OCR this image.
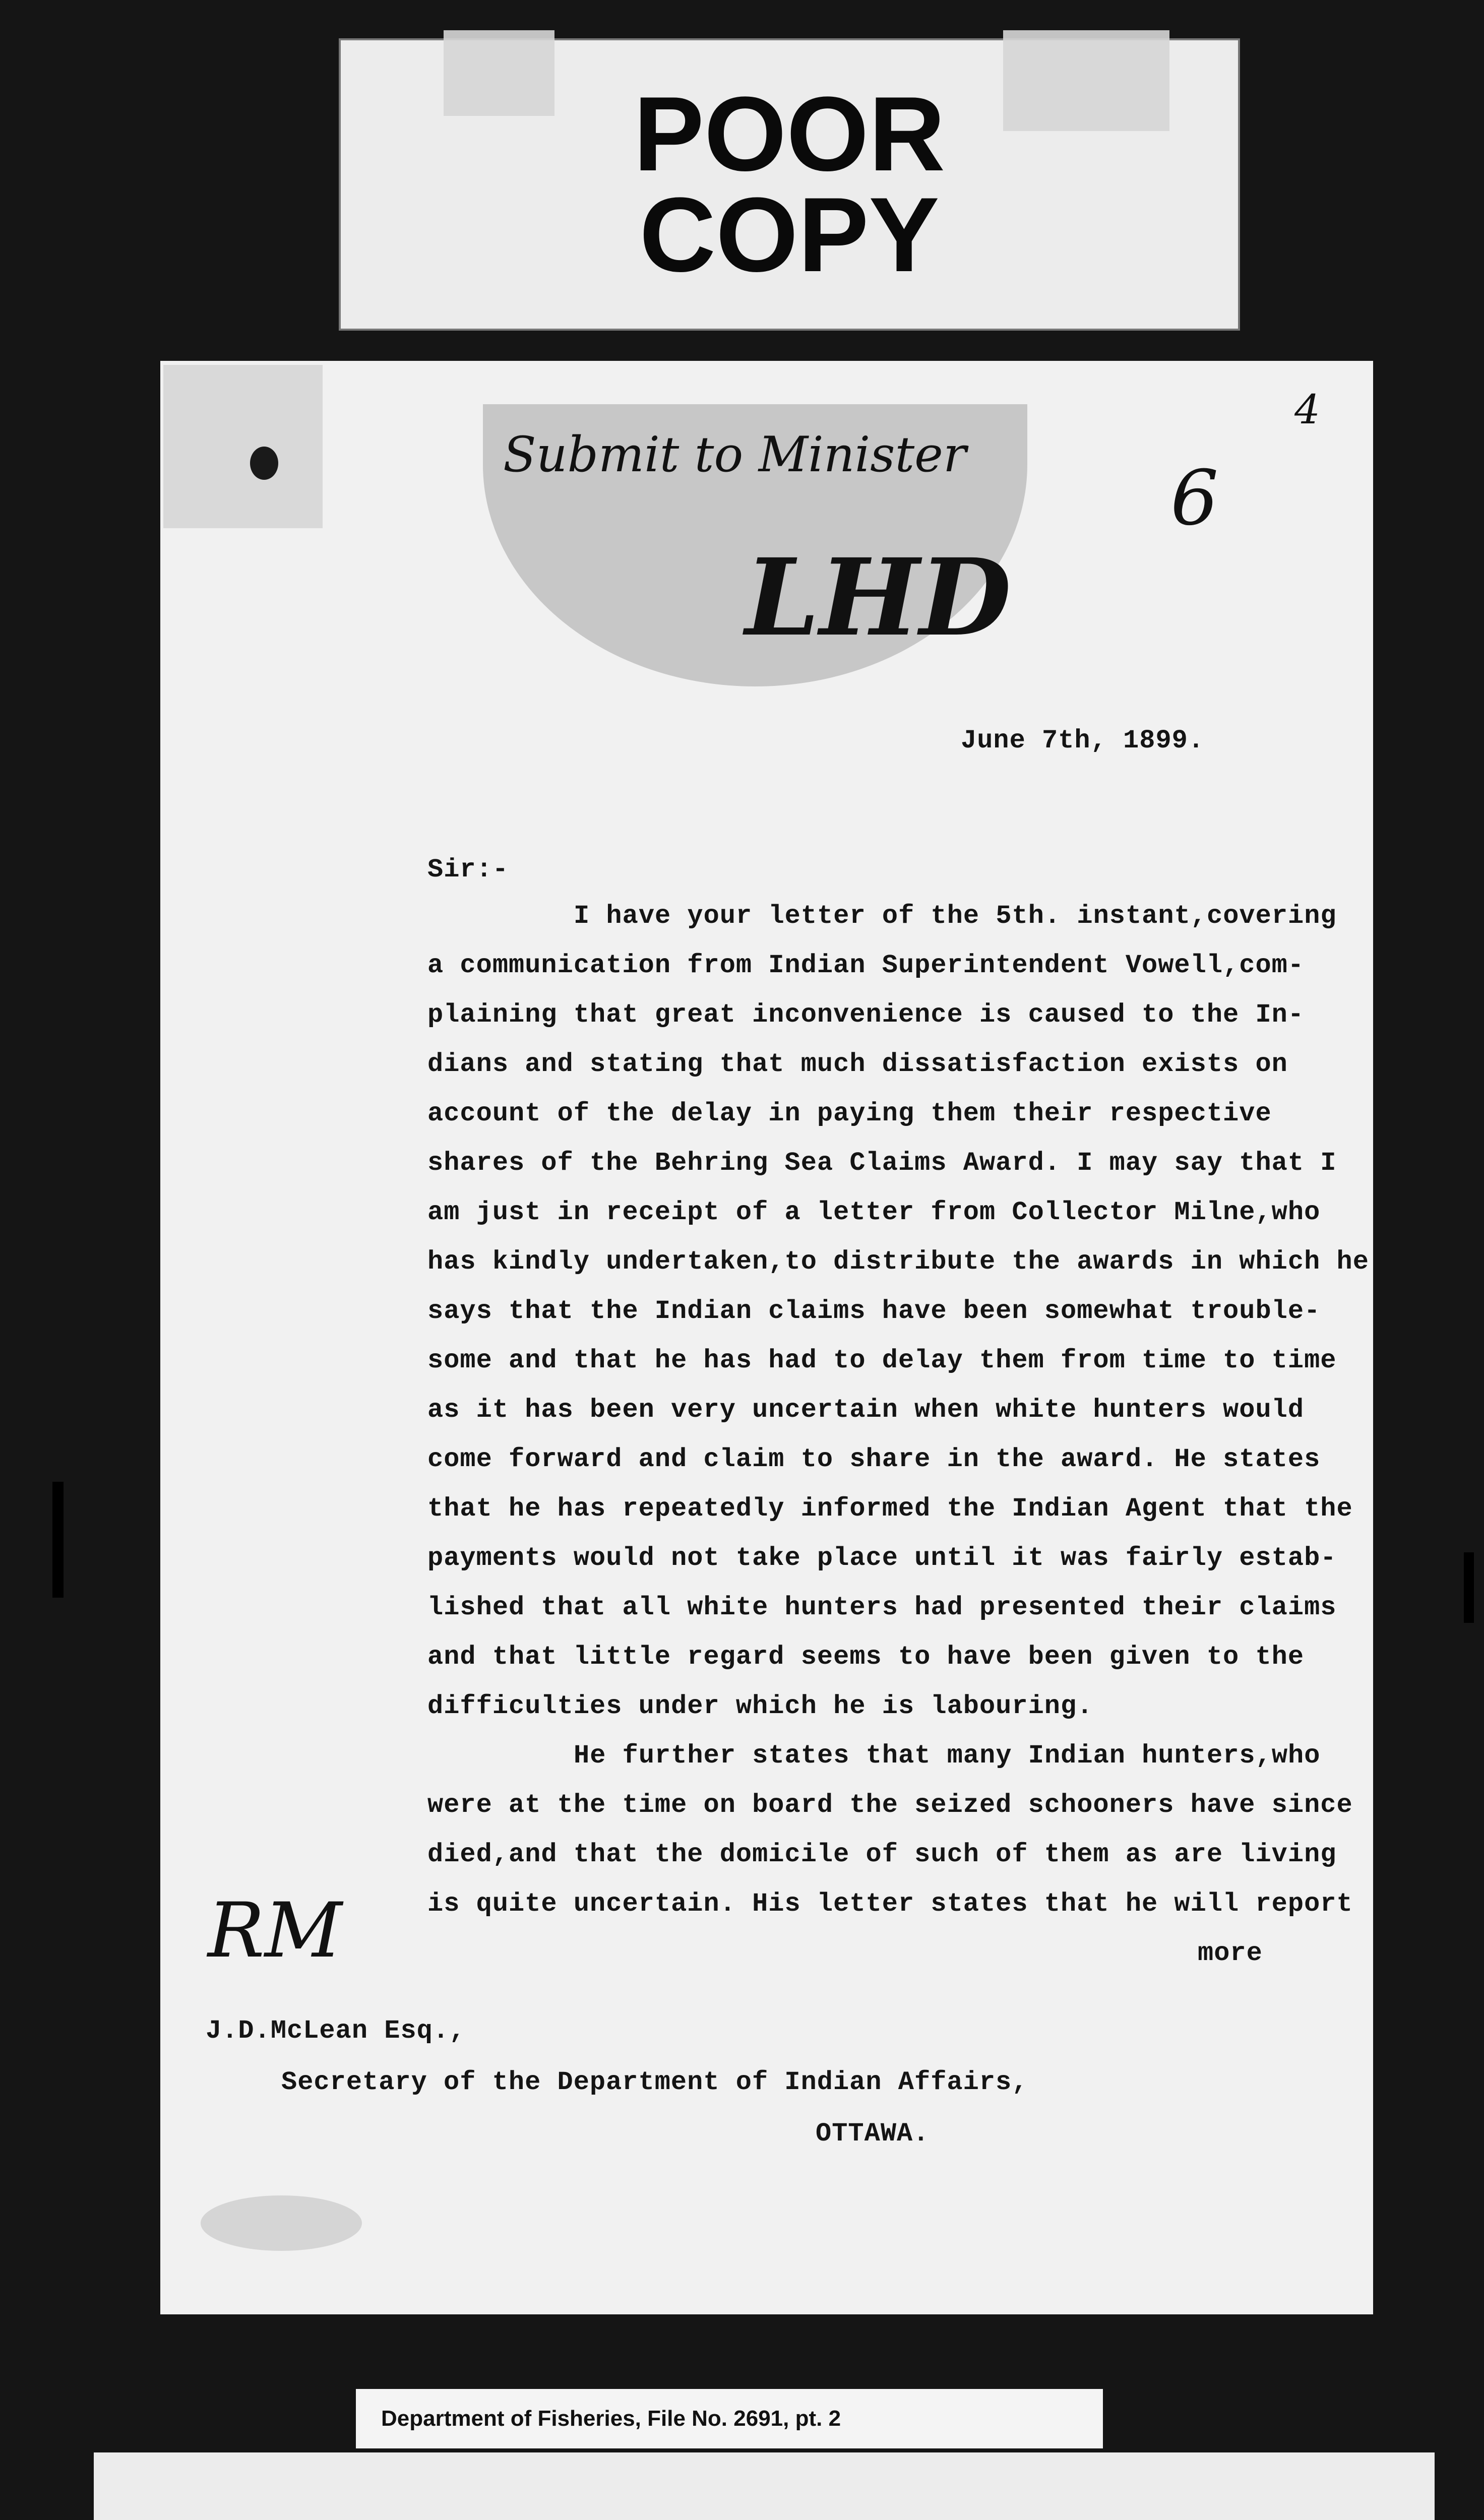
POOR
COPY
Submit to Minister
LHD
6
4
June 7th, 1899.
Sir:-
I have your letter of the 5th. instant,covering
a communication from Indian Superintendent Vowell,com-
plaining that great inconvenience is caused to the In-
dians and stating that much dissatisfaction exists on
account of the delay in paying them their respective
shares of the Behring Sea Claims Award. I may say that I
am just in receipt of a letter from Collector Milne,who
has kindly undertaken,to distribute the awards in which he
says that the Indian claims have been somewhat trouble-
some and that he has had to delay them from time to time
as it has been very uncertain when white hunters would
come forward and claim to share in the award. He states
that he has repeatedly informed the Indian Agent that the
payments would not take place until it was fairly estab-
lished that all white hunters had presented their claims
and that little regard seems to have been given to the
difficulties under which he is labouring.
He further states that many Indian hunters,who
were at the time on board the seized schooners have since
died,and that the domicile of such of them as are living
is quite uncertain. His letter states that he will report
more
RM
J.D.McLean Esq.,
Secretary of the Department of Indian Affairs,
OTTAWA.
Department of Fisheries, File No. 2691, pt. 2
